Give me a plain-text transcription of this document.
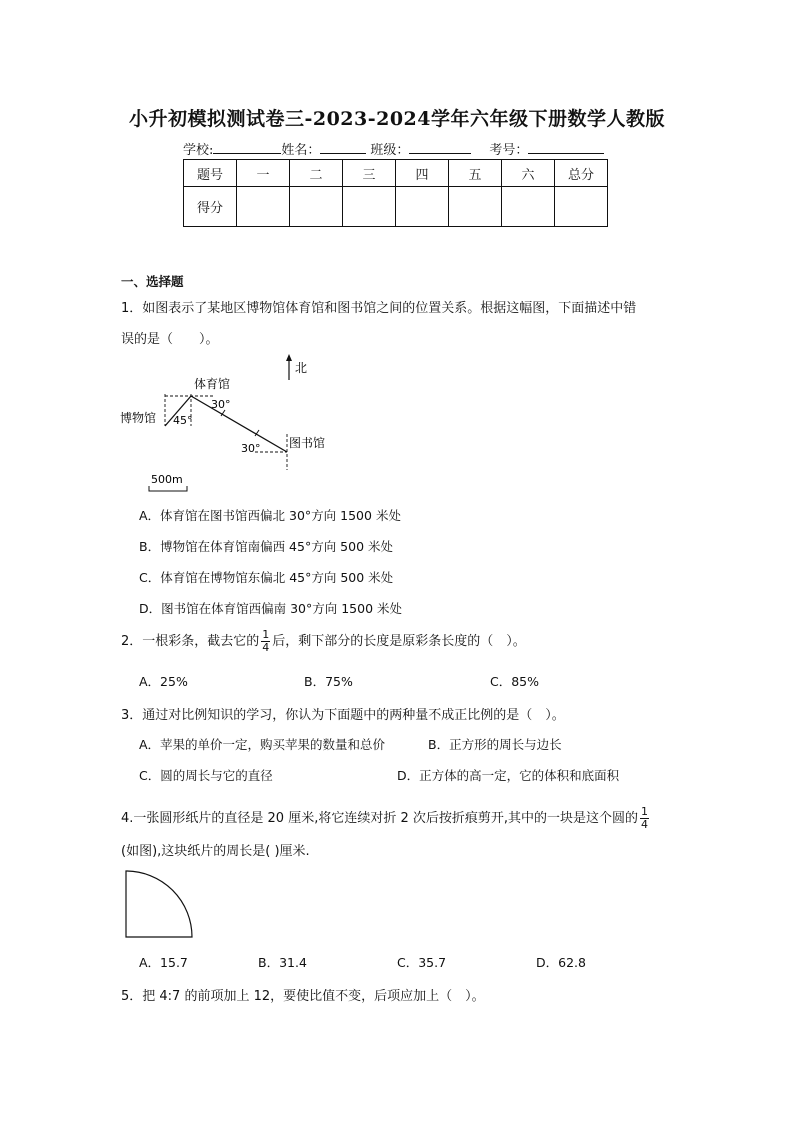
小升初模拟测试卷三-2023-2024学年六年级下册数学人教版
学校:	姓名：	班级：	考号：
题号	一	二	三	四	五	六	总分
得分							
一、选择题
1．如图表示了某地区博物馆体育馆和图书馆之间的位置关系。根据这幅图，下面描述中错
误的是（　　）。
北
体育馆
博物馆
图书馆
45°
30°
30°
500m
A．体育馆在图书馆西偏北 30°方向 1500 米处
B．博物馆在体育馆南偏西 45°方向 500 米处
C．体育馆在博物馆东偏北 45°方向 500 米处
D．图书馆在体育馆西偏南 30°方向 1500 米处
2．一根彩条，截去它的 $\frac{1}{4}$ 后，剩下部分的长度是原彩条长度的（　）。
A．25%	B．75%	C．85%
3．通过对比例知识的学习，你认为下面题中的两种量不成正比例的是（　）。
A．苹果的单价一定，购买苹果的数量和总价	B．正方形的周长与边长
C．圆的周长与它的直径	D．正方体的高一定，它的体积和底面积
4.一张圆形纸片的直径是 20 厘米,将它连续对折 2 次后按折痕剪开,其中的一块是这个圆的 $\frac{1}{4}$
(如图),这块纸片的周长是( )厘米.
A．15.7	B．31.4	C．35.7	D．62.8
5．把 4:7 的前项加上 12，要使比值不变，后项应加上（　）。
